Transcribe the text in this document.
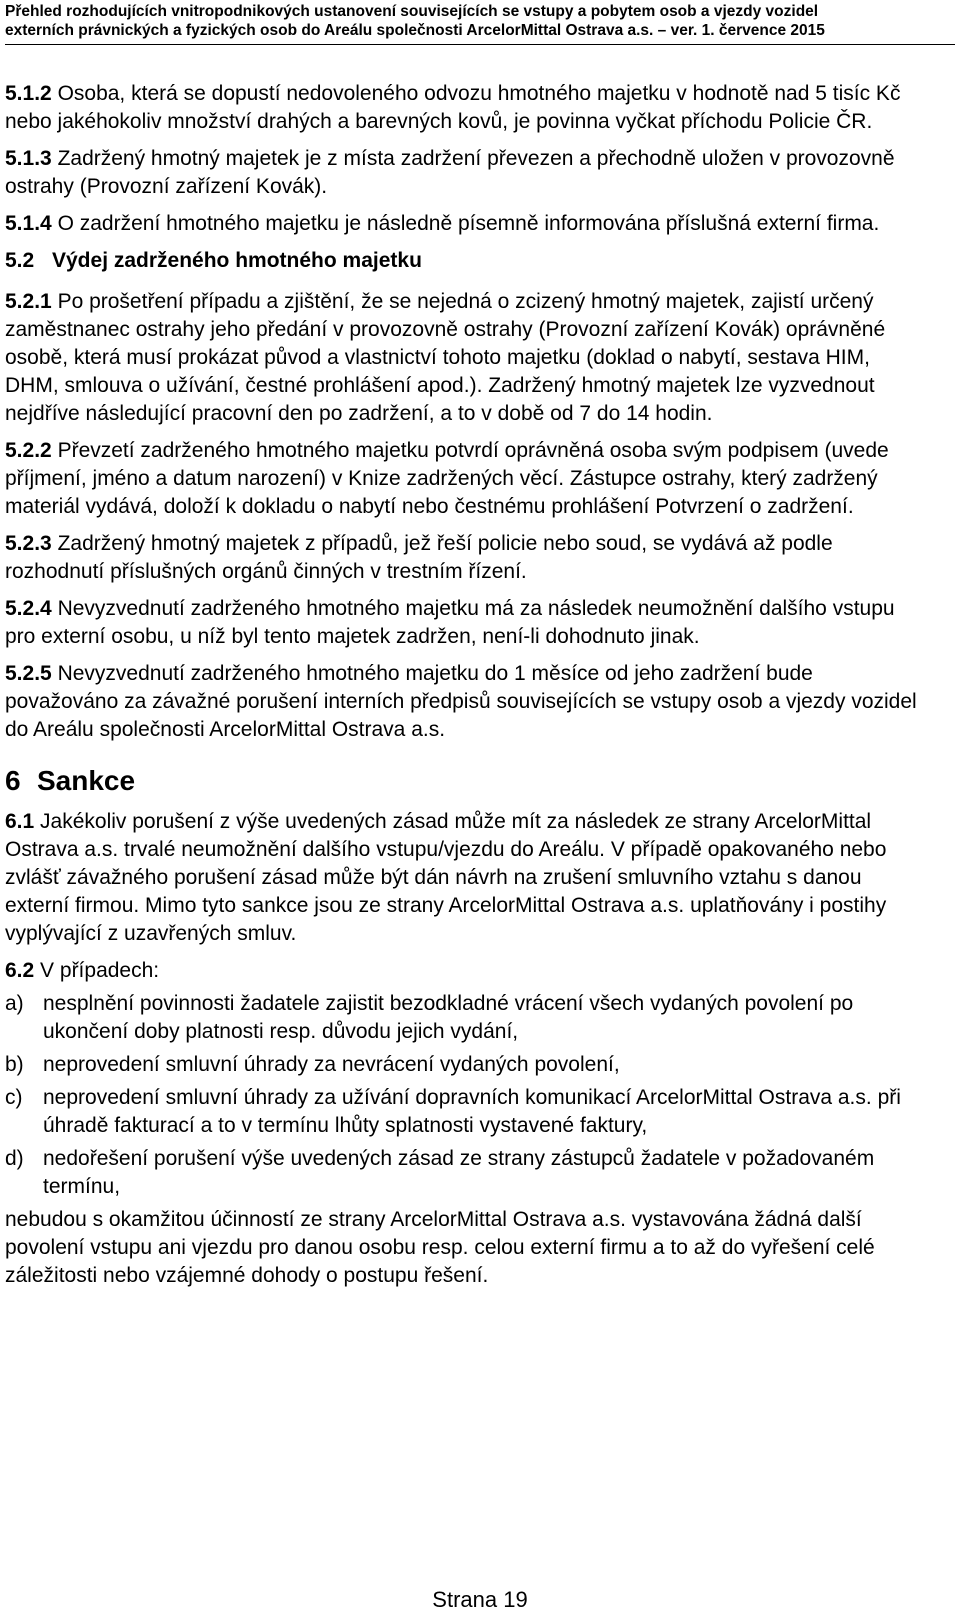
Přehled rozhodujících vnitropodnikových ustanovení souvisejících se vstupy a pobytem osob a vjezdy vozidel
externích právnických a fyzických osob do Areálu společnosti ArcelorMittal Ostrava a.s. – ver. 1. července 2015

5.1.2 Osoba, která se dopustí nedovoleného odvozu hmotného majetku v hodnotě nad 5 tisíc Kč nebo jakéhokoliv množství drahých a barevných kovů, je povinna vyčkat příchodu Policie ČR.

5.1.3 Zadržený hmotný majetek je z místa zadržení převezen a přechodně uložen v provozovně ostrahy (Provozní zařízení Kovák).

5.1.4 O zadržení hmotného majetku je následně písemně informována příslušná externí firma.

5.2 Výdej zadrženého hmotného majetku

5.2.1 Po prošetření případu a zjištění, že se nejedná o zcizený hmotný majetek, zajistí určený zaměstnanec ostrahy jeho předání v provozovně ostrahy (Provozní zařízení Kovák) oprávněné osobě, která musí prokázat původ a vlastnictví tohoto majetku (doklad o nabytí, sestava HIM, DHM, smlouva o užívání, čestné prohlášení apod.). Zadržený hmotný majetek lze vyzvednout nejdříve následující pracovní den po zadržení, a to v době od 7 do 14 hodin.

5.2.2 Převzetí zadrženého hmotného majetku potvrdí oprávněná osoba svým podpisem (uvede příjmení, jméno a datum narození) v Knize zadržených věcí. Zástupce ostrahy, který zadržený materiál vydává, doloží k dokladu o nabytí nebo čestnému prohlášení Potvrzení o zadržení.

5.2.3 Zadržený hmotný majetek z případů, jež řeší policie nebo soud, se vydává až podle rozhodnutí příslušných orgánů činných v trestním řízení.

5.2.4 Nevyzvednutí zadrženého hmotného majetku má za následek neumožnění dalšího vstupu pro externí osobu, u níž byl tento majetek zadržen, není-li dohodnuto jinak.

5.2.5 Nevyzvednutí zadrženého hmotného majetku do 1 měsíce od jeho zadržení bude považováno za závažné porušení interních předpisů souvisejících se vstupy osob a vjezdy vozidel do Areálu společnosti ArcelorMittal Ostrava a.s.

6 Sankce

6.1 Jakékoliv porušení z výše uvedených zásad může mít za následek ze strany ArcelorMittal Ostrava a.s. trvalé neumožnění dalšího vstupu/vjezdu do Areálu. V případě opakovaného nebo zvlášť závažného porušení zásad může být dán návrh na zrušení smluvního vztahu s danou externí firmou. Mimo tyto sankce jsou ze strany ArcelorMittal Ostrava a.s. uplatňovány i postihy vyplývající z uzavřených smluv.

6.2 V případech:

a) nesplnění povinnosti žadatele zajistit bezodkladné vrácení všech vydaných povolení po ukončení doby platnosti resp. důvodu jejich vydání,
b) neprovedení smluvní úhrady za nevrácení vydaných povolení,
c) neprovedení smluvní úhrady za užívání dopravních komunikací ArcelorMittal Ostrava a.s. při úhradě fakturací a to v termínu lhůty splatnosti vystavené faktury,
d) nedořešení porušení výše uvedených zásad ze strany zástupců žadatele v požadovaném termínu,

nebudou s okamžitou účinností ze strany ArcelorMittal Ostrava a.s. vystavována žádná další povolení vstupu ani vjezdu pro danou osobu resp. celou externí firmu a to až do vyřešení celé záležitosti nebo vzájemné dohody o postupu řešení.

Strana 19
